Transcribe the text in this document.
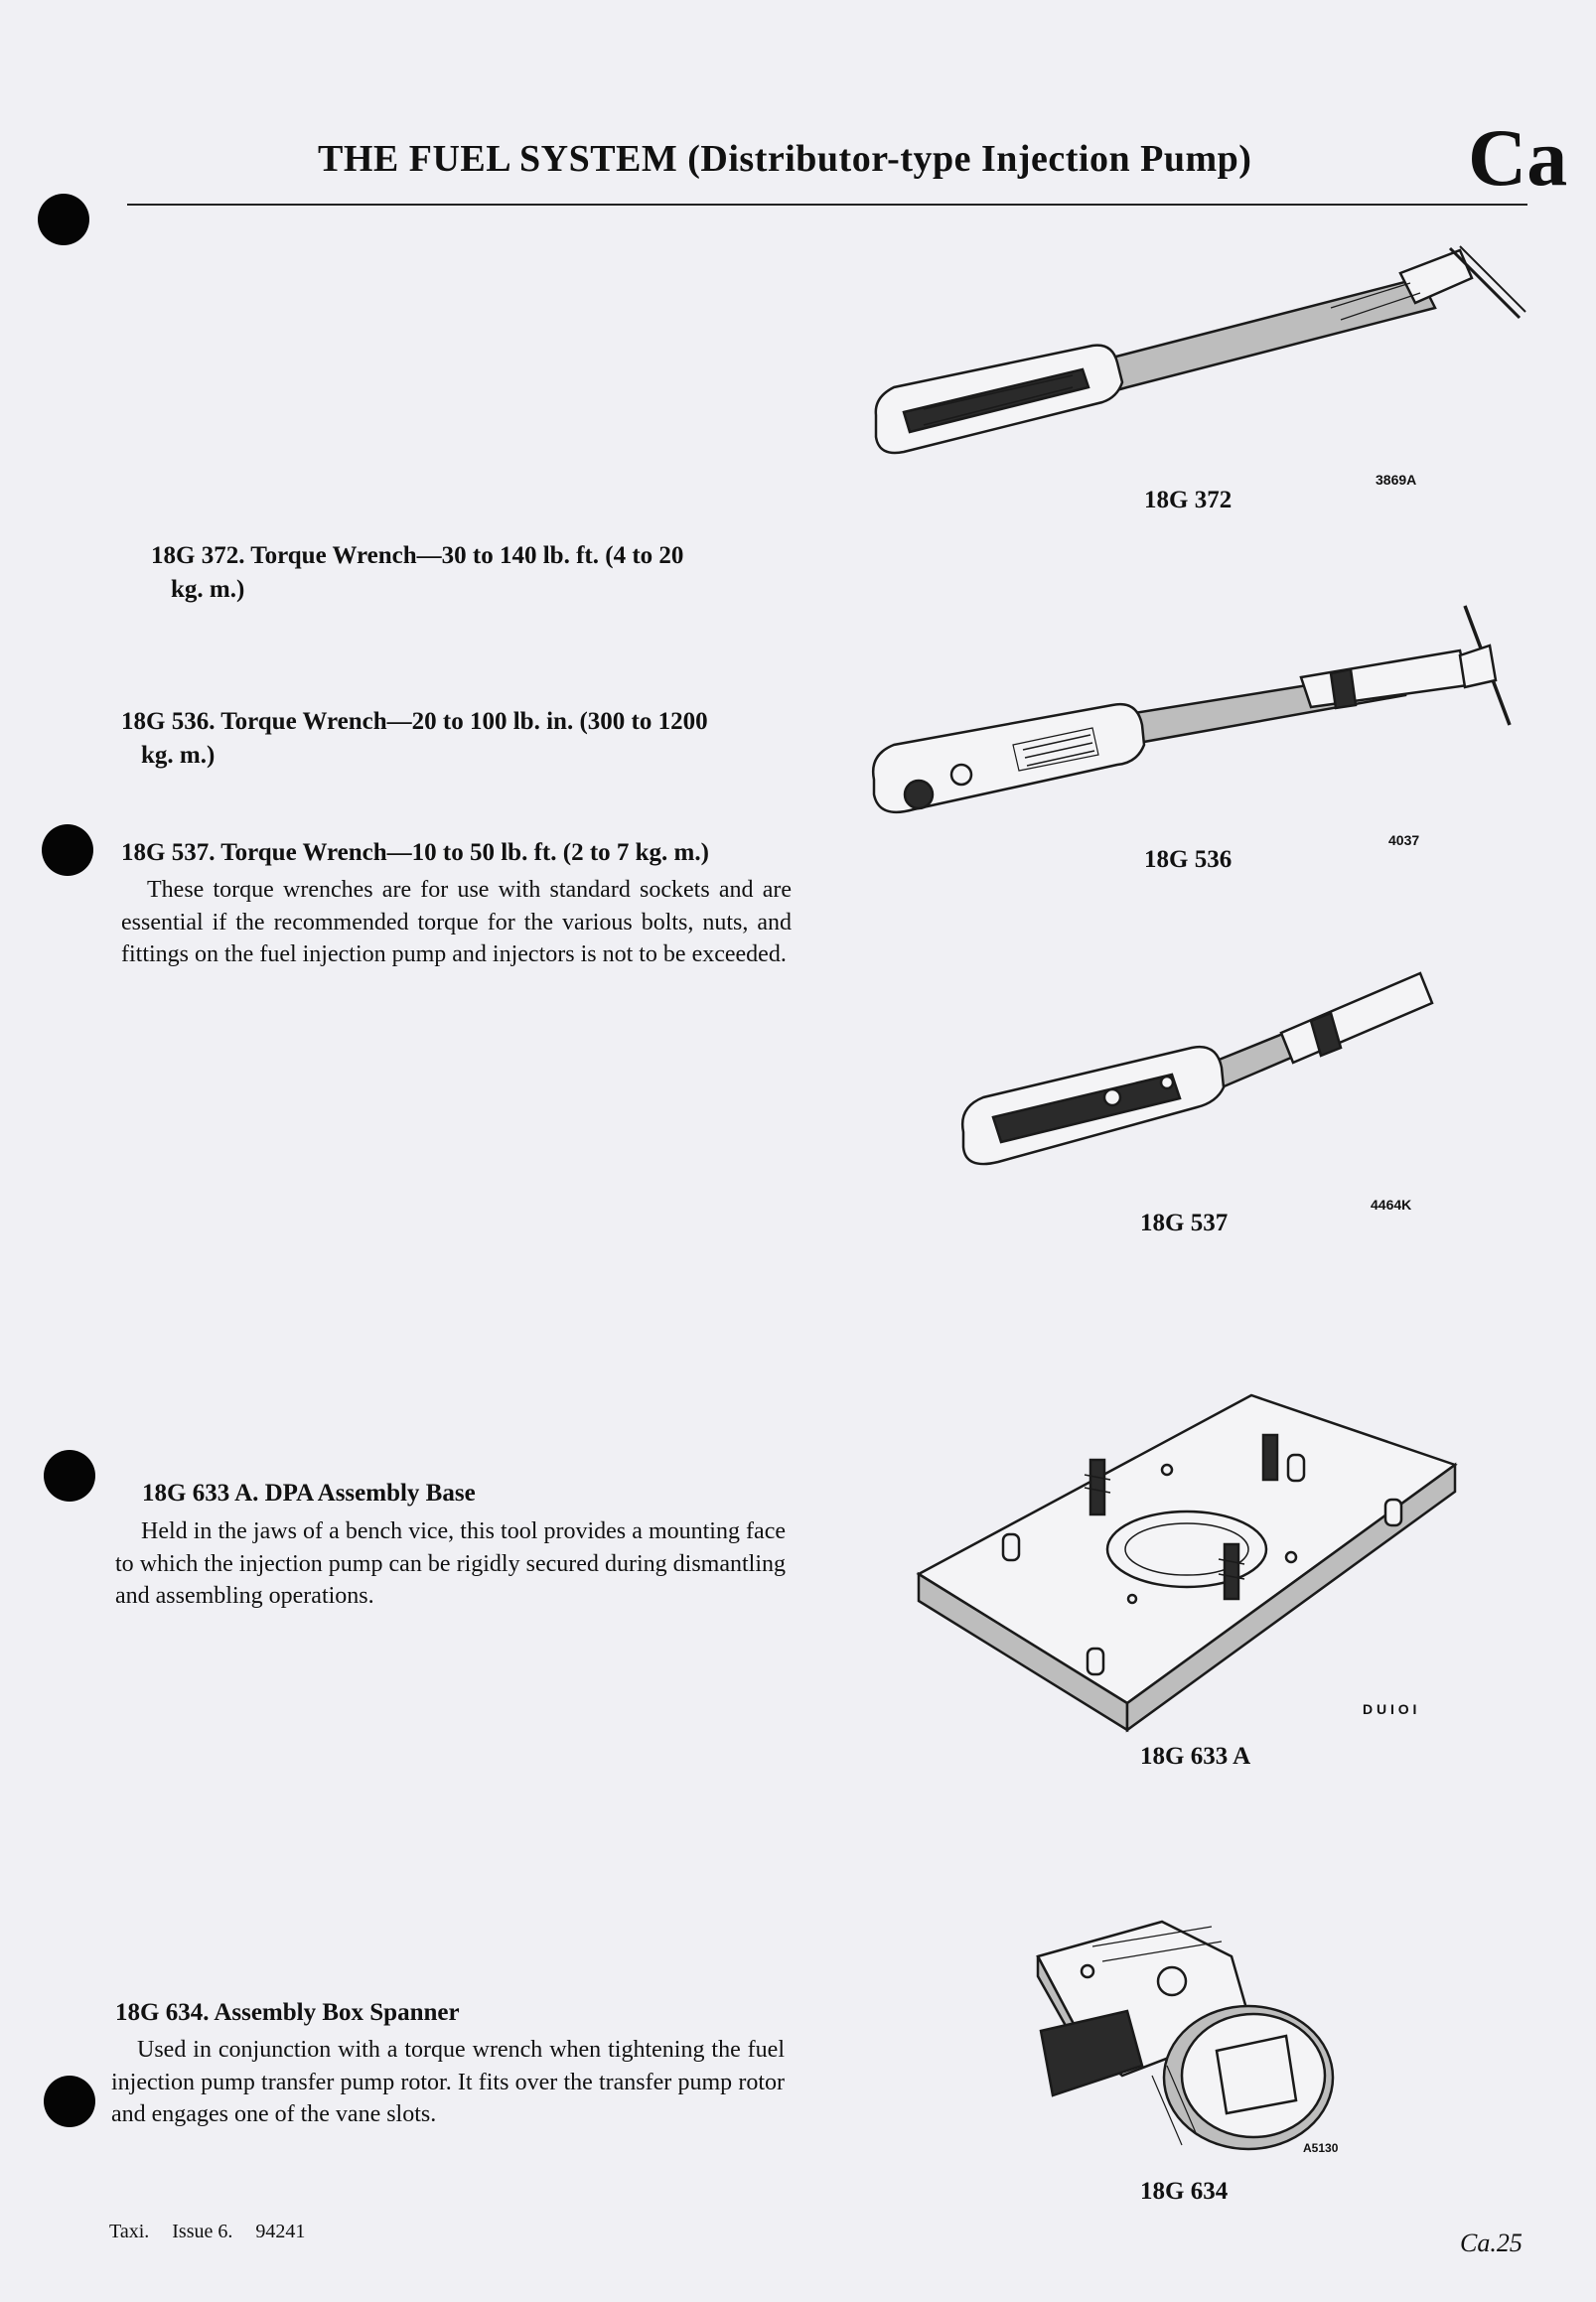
THE FUEL SYSTEM (Distributor-type Injection Pump)	Ca
18G 372. Torque Wrench—30 to 140 lb. ft. (4 to 20
kg. m.)
18G 372
3869A
18G 536. Torque Wrench—20 to 100 lb. in. (300 to 1200
kg. m.)
18G 536
4037
18G 537. Torque Wrench—10 to 50 lb. ft. (2 to 7 kg. m.)
These torque wrenches are for use with standard sockets and are essential if the recommended torque for the various bolts, nuts, and fittings on the fuel injection pump and injectors is not to be exceeded.
18G 537
4464K
18G 633 A. DPA Assembly Base
Held in the jaws of a bench vice, this tool provides a mounting face to which the injection pump can be rigidly secured during dismantling and assembling operations.
18G 633 A
D U I O I
18G 634. Assembly Box Spanner
Used in conjunction with a torque wrench when tightening the fuel injection pump transfer pump rotor. It fits over the transfer pump rotor and engages one of the vane slots.
18G 634
A5130
Taxi. Issue 6. 94241	Ca.25
